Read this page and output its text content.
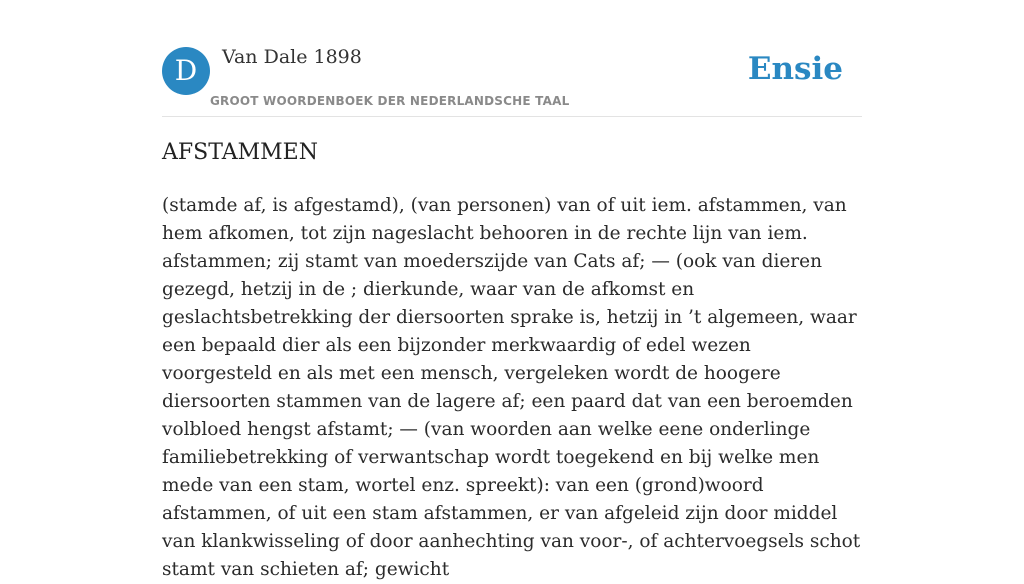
D	Van Dale 1898
GROOT WOORDENBOEK DER NEDERLANDSCHE TAAL
Ensie
AFSTAMMEN

(stamde af, is afgestamd), (van personen) van of uit iem. afstammen, van hem afkomen, tot zijn nageslacht behooren in de rechte lijn van iem. afstammen; zij stamt van moederszijde van Cats af; — (ook van dieren gezegd, hetzij in de ; dierkunde, waar van de afkomst en geslachtsbetrekking der diersoorten sprake is, hetzij in ’t algemeen, waar een bepaald dier als een bijzonder merkwaardig of edel wezen voorgesteld en als met een mensch, vergeleken wordt de hoogere diersoorten stammen van de lagere af; een paard dat van een beroemden volbloed hengst afstamt; — (van woorden aan welke eene onderlinge familiebetrekking of verwantschap wordt toegekend en bij welke men mede van een stam, wortel enz. spreekt): van een (grond)woord afstammen, of uit een stam afstammen, er van afgeleid zijn door middel van klankwisseling of door aanhechting van voor-, of achtervoegsels schot stamt van schieten af; gewicht
